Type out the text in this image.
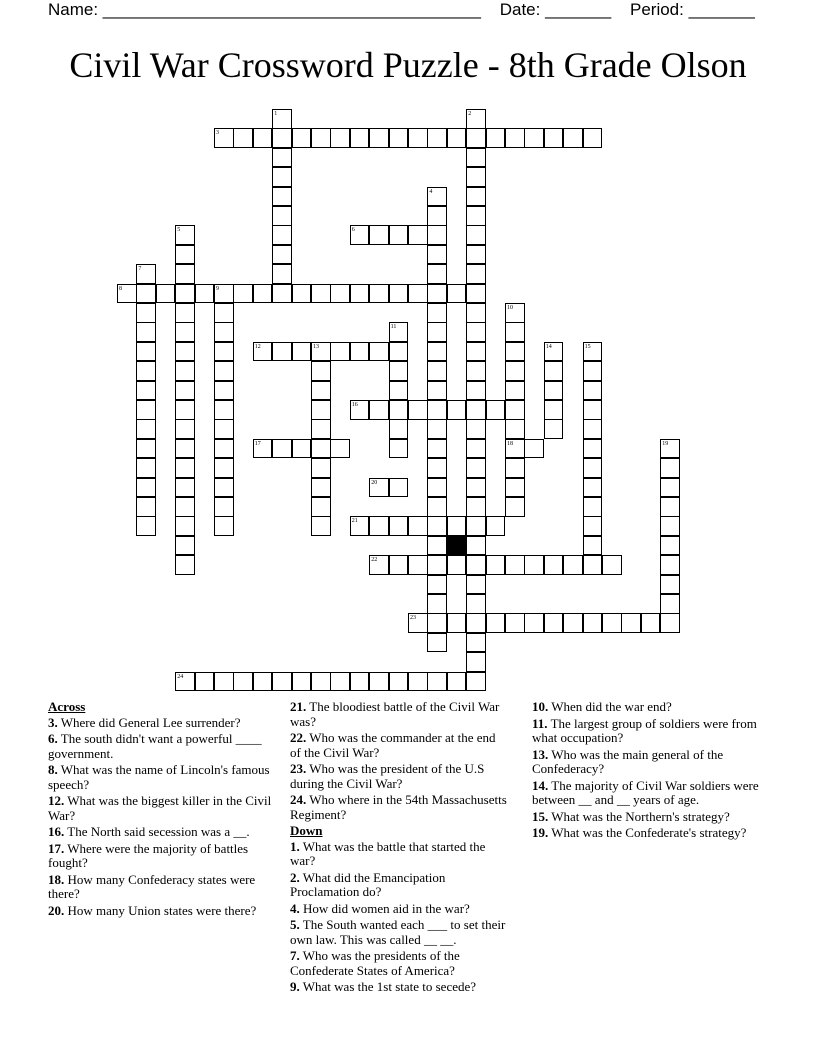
Name: ________________________________________ Date: _______ Period: _______
Civil War Crossword Puzzle - 8th Grade Olson
3
6
8
12
16
17	18
20
21
22
23
24
1	2
4
5
7
9
10
11
13	14	15
19
Across
3. Where did General Lee surrender?
6. The south didn't want a powerful ____ government.
8. What was the name of Lincoln's famous speech?
12. What was the biggest killer in the Civil War?
16. The North said secession was a __.
17. Where were the majority of battles fought?
18. How many Confederacy states were there?
20. How many Union states were there?
21. The bloodiest battle of the Civil War was?
22. Who was the commander at the end of the Civil War?
23. Who was the president of the U.S during the Civil War?
24. Who where in the 54th Massachusetts Regiment?
Down
1. What was the battle that started the war?
2. What did the Emancipation Proclamation do?
4. How did women aid in the war?
5. The South wanted each ___ to set their own law. This was called __ __.
7. Who was the presidents of the Confederate States of America?
9. What was the 1st state to secede?
10. When did the war end?
11. The largest group of soldiers were from what occupation?
13. Who was the main general of the Confederacy?
14. The majority of Civil War soldiers were between __ and __ years of age.
15. What was the Northern's strategy?
19. What was the Confederate's strategy?
